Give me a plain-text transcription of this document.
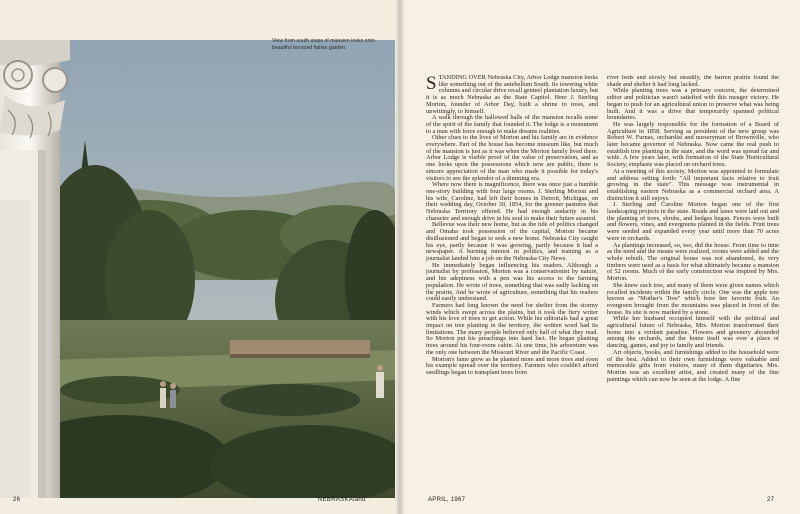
View from south steps of mansion looks onto beautiful terraced Italian garden
26	NEBRASKAland

STANDING OVER Nebraska City, Arbor Lodge mansion looks like something out of the antebellum South. Its towering white columns and circular drive recall genteel plantation luxury, but it is as much Nebraska as the State Capitol. Here J. Sterling Morton, founder of Arbor Day, built a shrine to trees, and unwittingly, to himself.

A walk through the hallowed halls of the mansion recalls some of the spirit of the family that founded it. The lodge is a monument to a man with force enough to make dreams realities.

Other clues to the lives of Morton and his family are in evidence everywhere. Part of the house has become museum like, but much of the mansion is just as it was when the Morton family lived there. Arbor Lodge is visible proof of the value of preservation, and as one looks upon the possessions which now are public, there is sincere appreciation of the man who made it possible for today's visitors to see the splendor of a dimming era.

Where now there is magnificence, there was once just a humble one-story building with four large rooms. J. Sterling Morton and his wife, Caroline, had left their homes in Detroit, Michigan, on their wedding day, October 30, 1854, for the greener pastures that Nebraska Territory offered. He had enough audacity in his character and enough drive in his soul to make their future assured.

Bellevue was their new home, but as the tide of politics changed and Omaha took possession of the capital, Morton became disillusioned and began to seek a new home. Nebraska City caught his eye, partly because it was growing, partly because it had a newspaper. A burning interest in politics, and training as a journalist landed him a job on the Nebraska City News.

He immediately began influencing his readers. Although a journalist by profession, Morton was a conservationist by nature, and his adeptness with a pen was his access to the farming population. He wrote of trees, something that was sadly lacking on the prairie. And he wrote of agriculture, something that his readers could easily understand.

Farmers had long known the need for shelter from the stormy winds which swept across the plains, but it took the fiery writer with his love of trees to get action. While his editorials had a great impact on tree planting in the territory, the written word had its limitations. The many people believed only half of what they read. So Morton put his preachings into hard fact. He began planting trees around his four-room cabin. At one time, his arboretum was the only one between the Missouri River and the Pacific Coast.

Morton's fame grew as he planted more and more trees and soon his example spread over the territory. Farmers who couldn't afford seedlings began to transplant trees from

river beds and slowly but steadily, the barren prairie found the shade and shelter it had long lacked.

While planting trees was a primary concern, the determined editor and politician wasn't satisfied with this meager victory. He began to push for an agricultural union to preserve what was being built. And it was a drive that temporarily spanned political boundaries.

He was largely responsible for the formation of a Board of Agriculture in 1858. Serving as president of the new group was Robert W. Furnas, orchardist and nurseryman of Brownville, who later became governor of Nebraska. Now came the real push to establish tree planting in the state, and the word was spread far and wide. A few years later, with formation of the State Horticultural Society, emphasis was placed on orchard trees.

At a meeting of this society, Morton was appointed to formulate and address setting forth: "All important facts relative to fruit growing in the state". This message was instrumental in establishing eastern Nebraska as a commercial orchard area. A distinction it still enjoys.

J. Sterling and Caroline Morton began one of the first landscaping projects in the state. Roads and lanes were laid out and the planting of trees, shrubs, and hedges began. Fences were built and flowers, vines, and evergreens planted in the fields. Fruit trees were seeded and expanded every year until more than 70 acres were in orchards.

As plantings increased, so, too, did the house. From time to time as the need and the means were realized, rooms were added and the whole rebuilt. The original house was not abandoned, its very timbers were used as a basis for what ultimately became a mansion of 52 rooms. Much of the early construction was inspired by Mrs. Morton.

She knew each tree, and many of them were given names which recalled incidents within the family circle. One was the apple tree known as "Mother's Tree" which bore her favorite fruit. An evergreen brought from the mountains was placed in front of the house. Its site is now marked by a stone.

While her husband occupied himself with the political and agricultural future of Nebraska, Mrs. Morton transformed their home into a verdant paradise. Flowers and greenery abounded among the orchards, and the home itself was ever a place of dancing, games, and joy to family and friends.

Art objects, books, and furnishings added to the household were of the best. Added to their own furnishings were valuable and memorable gifts from visitors, many of them dignitaries. Mrs. Morton was an excellent artist, and created many of the fine paintings which can now be seen at the lodge. A fine

APRIL, 1967	27
